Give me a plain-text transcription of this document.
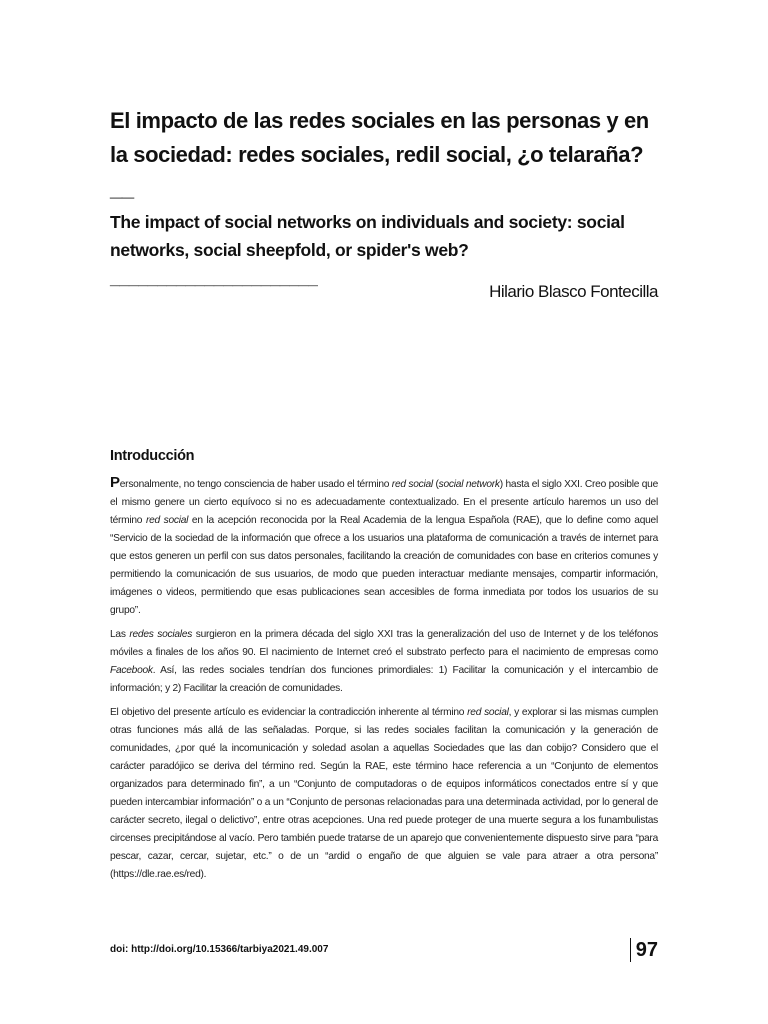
El impacto de las redes sociales en las personas y en la sociedad: redes sociales, redil social, ¿o telaraña? __
The impact of social networks on individuals and society: social networks, social sheepfold, or spider's web? ______________________
Hilario Blasco Fontecilla
Introducción

Personalmente, no tengo consciencia de haber usado el término red social (social network) hasta el siglo XXI. Creo posible que el mismo genere un cierto equívoco si no es adecuadamente contextualizado. En el presente artículo haremos un uso del término red social en la acepción reconocida por la Real Academia de la lengua Española (RAE), que lo define como aquel “Servicio de la sociedad de la información que ofrece a los usuarios una plataforma de comunicación a través de internet para que estos generen un perfil con sus datos personales, facilitando la creación de comunidades con base en criterios comunes y permitiendo la comunicación de sus usuarios, de modo que pueden interactuar mediante mensajes, compartir información, imágenes o videos, permitiendo que esas publicaciones sean accesibles de forma inmediata por todos los usuarios de su grupo”.

Las redes sociales surgieron en la primera década del siglo XXI tras la generalización del uso de Internet y de los teléfonos móviles a finales de los años 90. El nacimiento de Internet creó el substrato perfecto para el nacimiento de empresas como Facebook. Así, las redes sociales tendrían dos funciones primordiales: 1) Facilitar la comunicación y el intercambio de información; y 2) Facilitar la creación de comunidades.

El objetivo del presente artículo es evidenciar la contradicción inherente al término red social, y explorar si las mismas cumplen otras funciones más allá de las señaladas. Porque, si las redes sociales facilitan la comunicación y la generación de comunidades, ¿por qué la incomunicación y soledad asolan a aquellas Sociedades que las dan cobijo? Considero que el carácter paradójico se deriva del término red. Según la RAE, este término hace referencia a un “Conjunto de elementos organizados para determinado fin”, a un “Conjunto de computadoras o de equipos informáticos conectados entre sí y que pueden intercambiar información” o a un “Conjunto de personas relacionadas para una determinada actividad, por lo general de carácter secreto, ilegal o delictivo”, entre otras acepciones. Una red puede proteger de una muerte segura a los funambulistas circenses precipitándose al vacío. Pero también puede tratarse de un aparejo que convenientemente dispuesto sirve para “para pescar, cazar, cercar, sujetar, etc.” o de un “ardid o engaño de que alguien se vale para atraer a otra persona” (https://dle.rae.es/red).

doi: http://doi.org/10.15366/tarbiya2021.49.007	97
